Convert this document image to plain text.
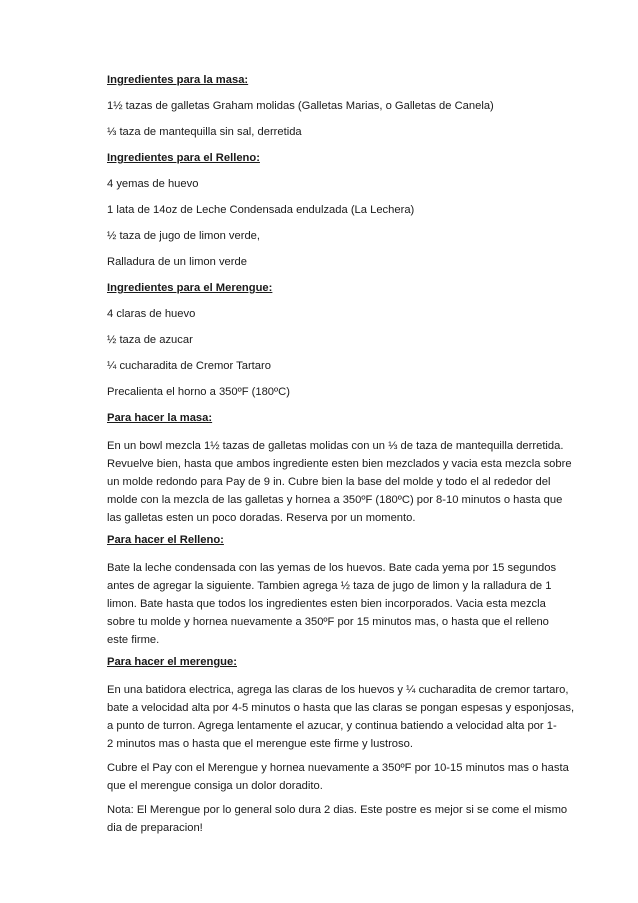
Ingredientes para la masa:
1½ tazas de galletas Graham molidas (Galletas Marias, o Galletas de Canela)
⅓ taza de mantequilla sin sal, derretida
Ingredientes para el Relleno:
4 yemas de huevo
1 lata de 14oz de Leche Condensada endulzada (La Lechera)
½ taza de jugo de limon verde,
Ralladura de un limon verde
Ingredientes para el Merengue:
4 claras de huevo
½ taza de azucar
¼ cucharadita de Cremor Tartaro
Precalienta el horno a 350ºF (180ºC)
Para hacer la masa:
En un bowl mezcla 1½ tazas de galletas molidas con un ⅓ de taza de mantequilla derretida.
Revuelve bien, hasta que ambos ingrediente esten bien mezclados y vacia esta mezcla sobre
un molde redondo para Pay de 9 in. Cubre bien la base del molde y todo el al rededor del
molde con la mezcla de las galletas y hornea a 350ºF (180ºC) por 8-10 minutos o hasta que
las galletas esten un poco doradas. Reserva por un momento.
Para hacer el Relleno:
Bate la leche condensada con las yemas de los huevos. Bate cada yema por 15 segundos
antes de agregar la siguiente. Tambien agrega ½ taza de jugo de limon y la ralladura de 1
limon. Bate hasta que todos los ingredientes esten bien incorporados. Vacia esta mezcla
sobre tu molde y hornea nuevamente a 350ºF por 15 minutos mas, o hasta que el relleno
este firme.
Para hacer el merengue:
En una batidora electrica, agrega las claras de los huevos y ¼ cucharadita de cremor tartaro,
bate a velocidad alta por 4-5 minutos o hasta que las claras se pongan espesas y esponjosas,
a punto de turron. Agrega lentamente el azucar, y continua batiendo a velocidad alta por 1-
2 minutos mas o hasta que el merengue este firme y lustroso.
Cubre el Pay con el Merengue y hornea nuevamente a 350ºF por 10-15 minutos mas o hasta
que el merengue consiga un dolor doradito.
Nota: El Merengue por lo general solo dura 2 dias. Este postre es mejor si se come el mismo
dia de preparacion!
